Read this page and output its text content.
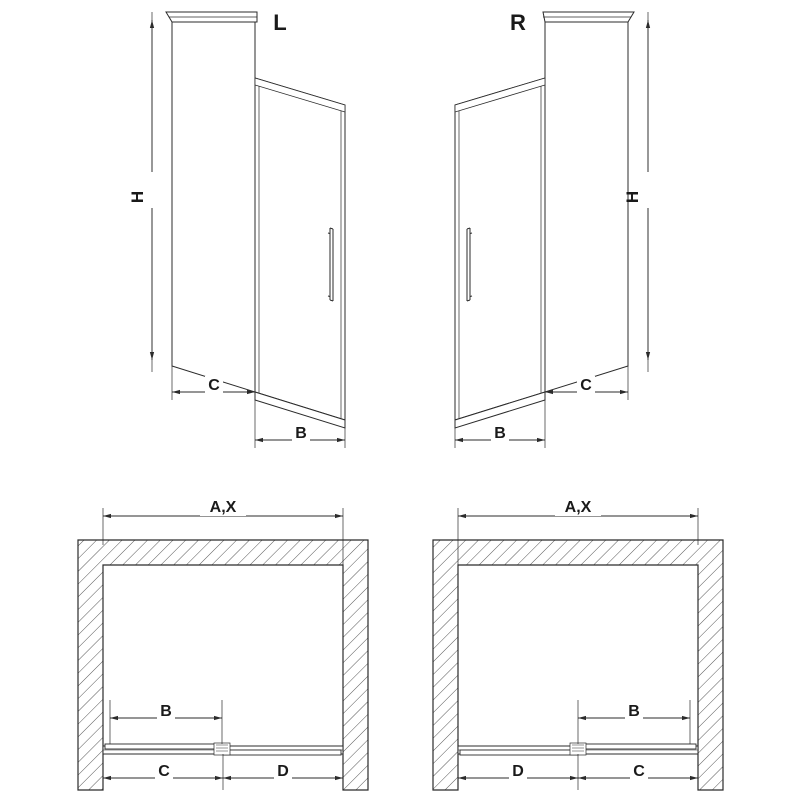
L
H
C
B
R
H
B
C
A,X
B
C	D
A,X
B
D	C
